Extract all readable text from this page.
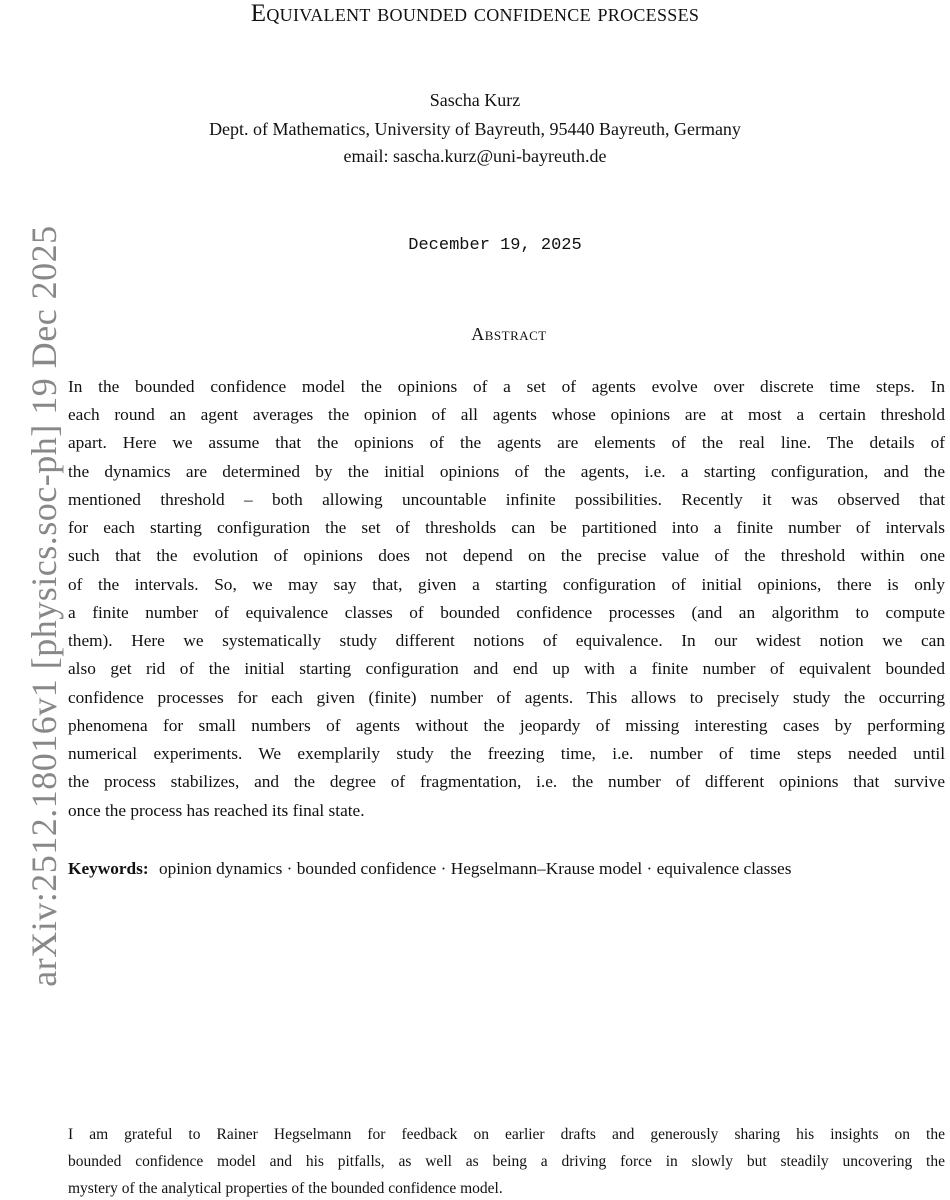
arXiv:2512.18016v1 [physics.soc-ph] 19 Dec 2025
Equivalent bounded confidence processes
Sascha Kurz
Dept. of Mathematics, University of Bayreuth, 95440 Bayreuth, Germany
email: sascha.kurz@uni-bayreuth.de
December 19, 2025
Abstract
In the bounded confidence model the opinions of a set of agents evolve over discrete time steps. In
each round an agent averages the opinion of all agents whose opinions are at most a certain threshold
apart. Here we assume that the opinions of the agents are elements of the real line. The details of
the dynamics are determined by the initial opinions of the agents, i.e. a starting configuration, and the
mentioned threshold – both allowing uncountable infinite possibilities. Recently it was observed that
for each starting configuration the set of thresholds can be partitioned into a finite number of intervals
such that the evolution of opinions does not depend on the precise value of the threshold within one
of the intervals. So, we may say that, given a starting configuration of initial opinions, there is only
a finite number of equivalence classes of bounded confidence processes (and an algorithm to compute
them). Here we systematically study different notions of equivalence. In our widest notion we can
also get rid of the initial starting configuration and end up with a finite number of equivalent bounded
confidence processes for each given (finite) number of agents. This allows to precisely study the occurring
phenomena for small numbers of agents without the jeopardy of missing interesting cases by performing
numerical experiments. We exemplarily study the freezing time, i.e. number of time steps needed until
the process stabilizes, and the degree of fragmentation, i.e. the number of different opinions that survive
once the process has reached its final state.
Keywords: opinion dynamics · bounded confidence · Hegselmann–Krause model · equivalence classes
I am grateful to Rainer Hegselmann for feedback on earlier drafts and generously sharing his insights on the
bounded confidence model and his pitfalls, as well as being a driving force in slowly but steadily uncovering the
mystery of the analytical properties of the bounded confidence model.
